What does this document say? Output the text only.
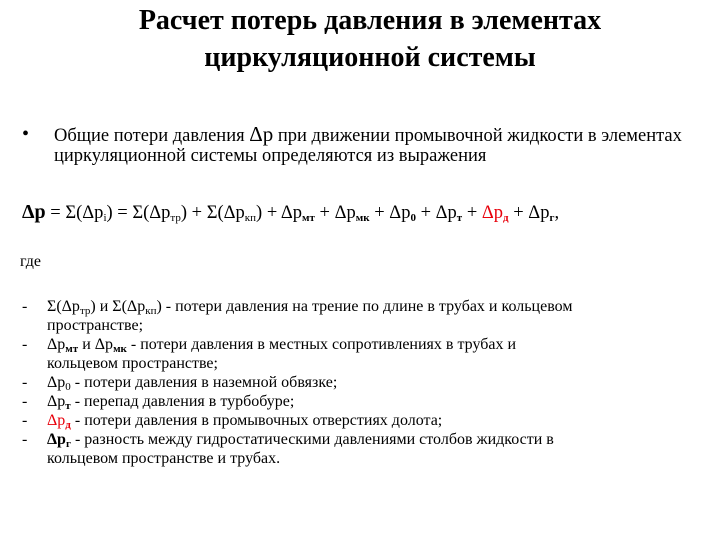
Расчет потерь давления в элементах
циркуляционной системы
• Общие потери давления Δр при движении промывочной жидкости в элементах циркуляционной системы определяются из выражения
$\Delta р = \Sigma(\Delta р_i) = \Sigma(\Delta р_{тр}) + \Sigma(\Delta р_{кп}) + \Delta р_{мт} + \Delta р_{мк} + \Delta р_0 + \Delta р_т + \Delta р_д + \Delta р_г$,
где
- $\Sigma(\Delta р_{тр})$ и $\Sigma(\Delta р_{кп})$ - потери давления на трение по длине в трубах и кольцевом
пространстве;
- $\Delta р_{мт}$ и $\Delta р_{мк}$ - потери давления в местных сопротивлениях в трубах и
кольцевом пространстве;
- $\Delta р_0$ - потери давления в наземной обвязке;
- $\Delta р_т$ - перепад давления в турбобуре;
- $\Delta р_д$ - потери давления в промывочных отверстиях долота;
- $\Delta р_г$ - разность между гидростатическими давлениями столбов жидкости в
кольцевом пространстве и трубах.
